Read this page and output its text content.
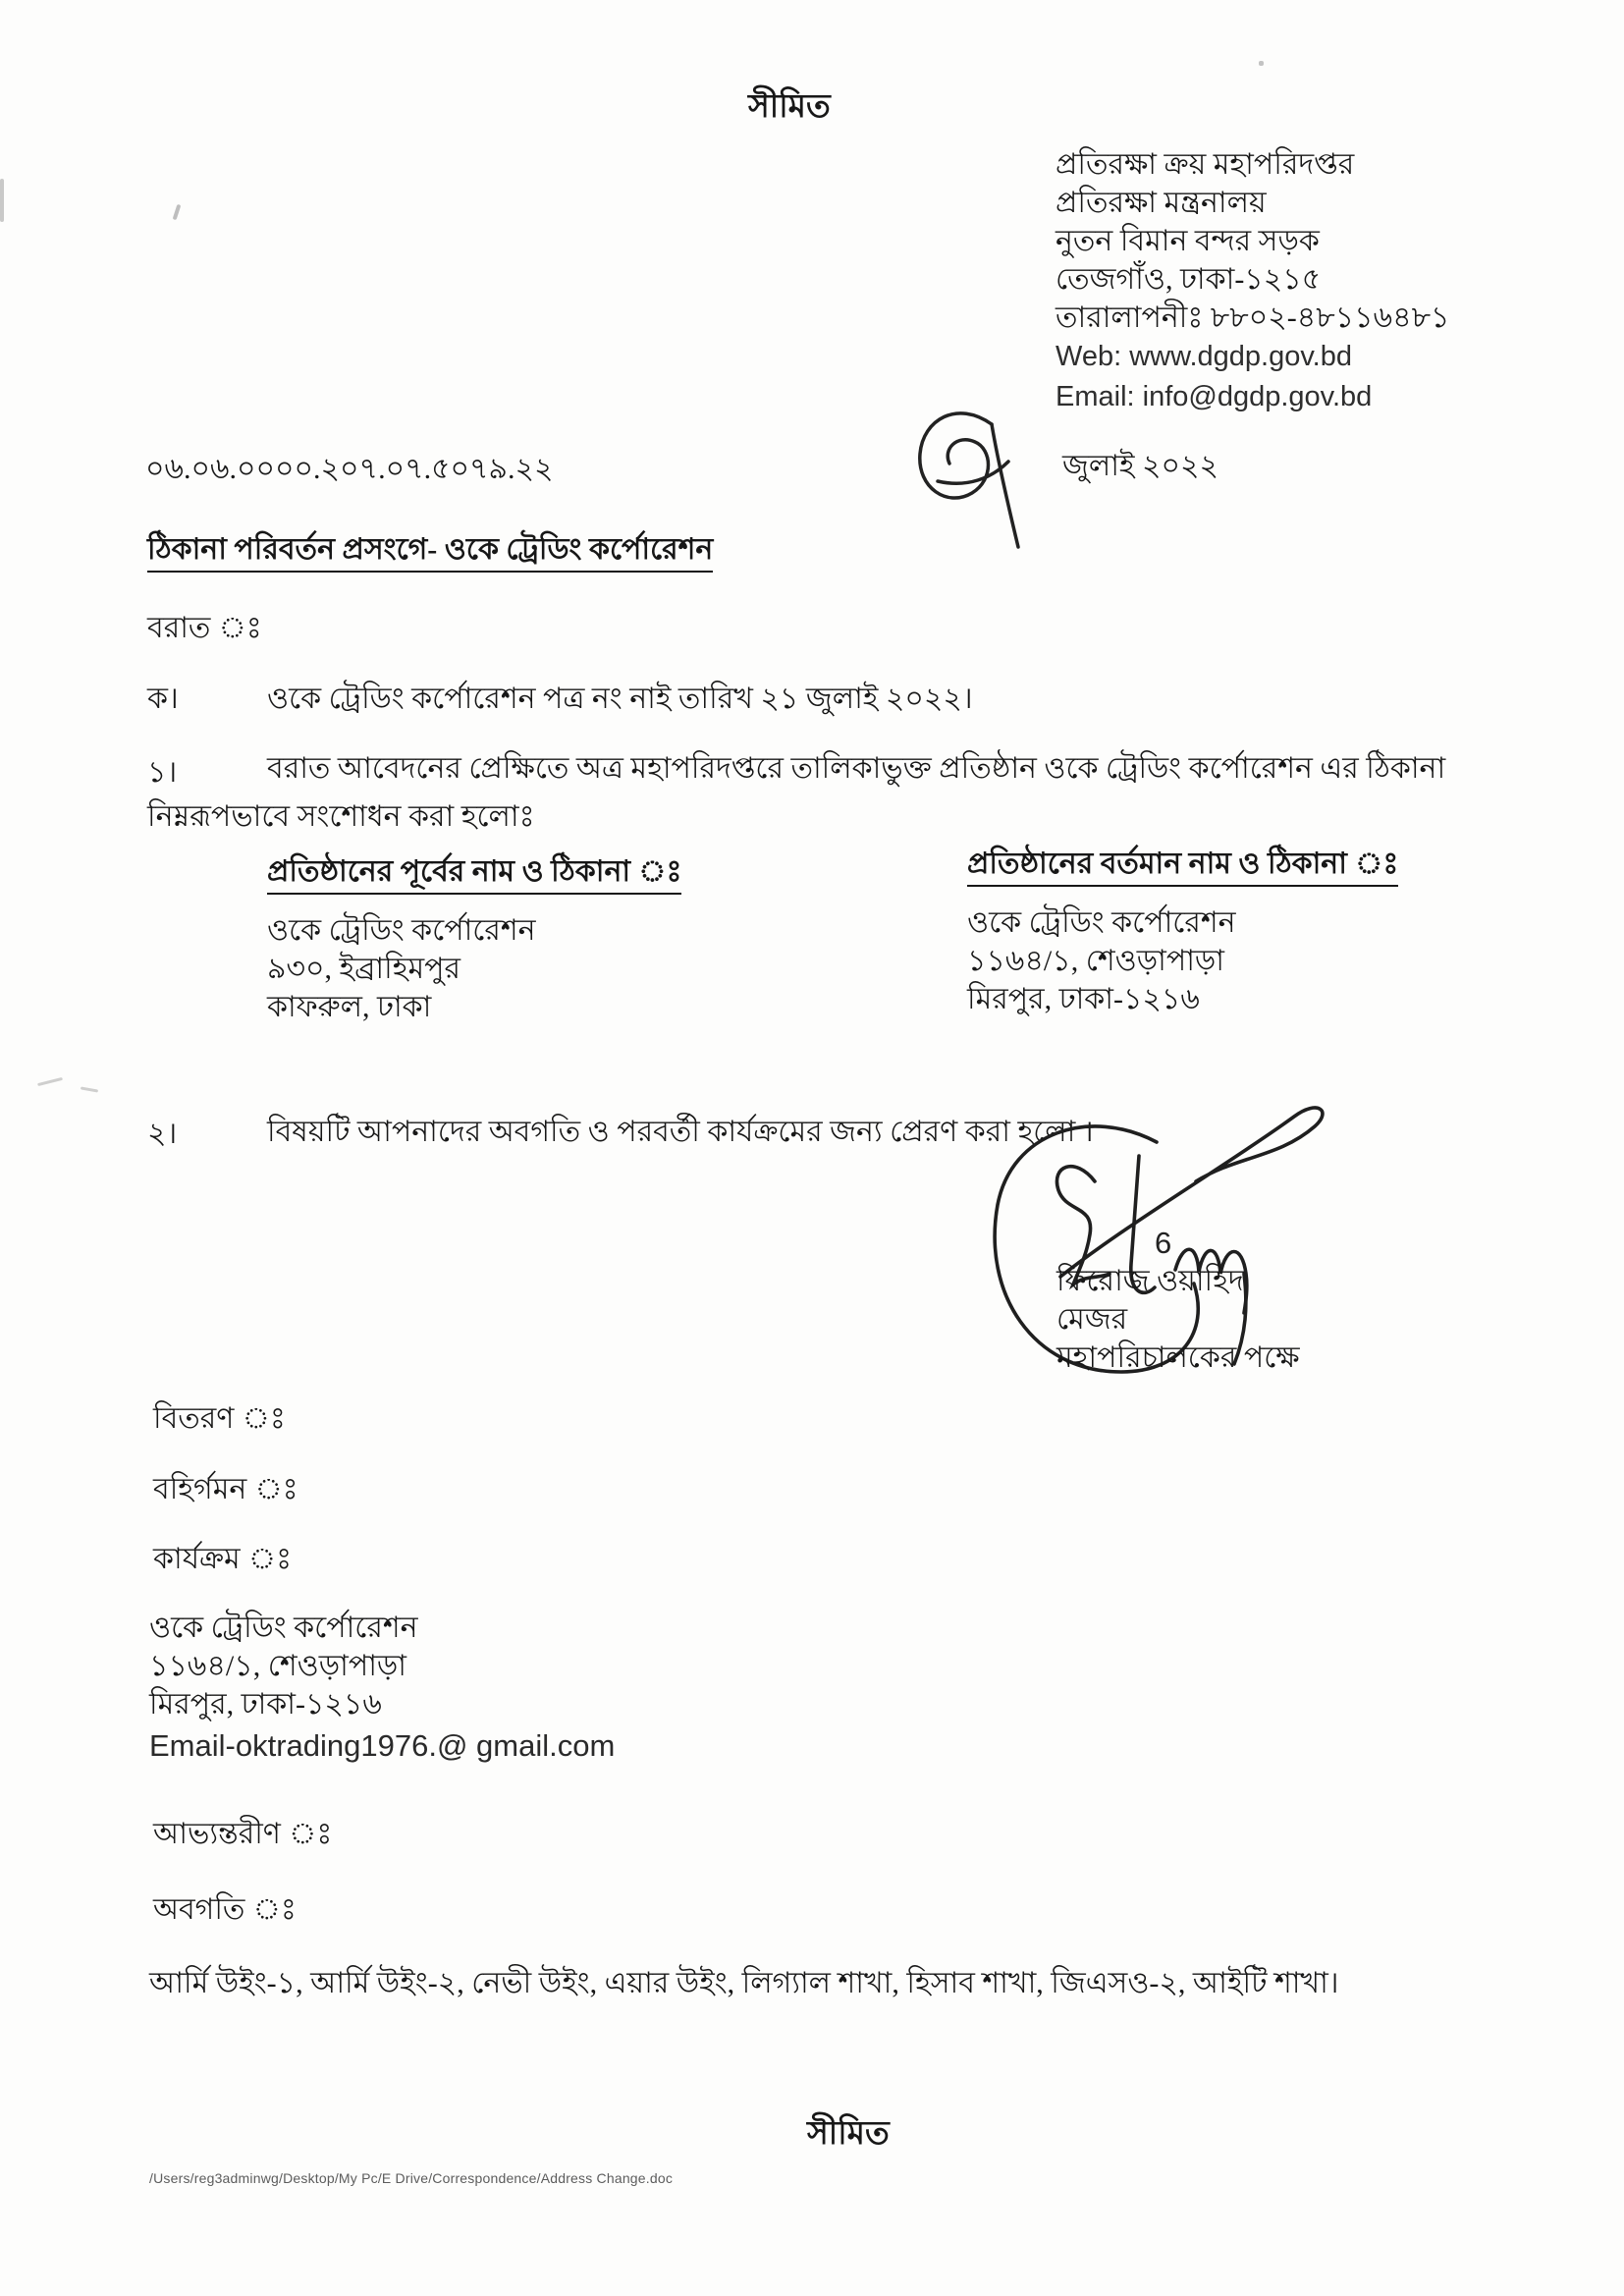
সীমিত
প্রতিরক্ষা ক্রয় মহাপরিদপ্তর
প্রতিরক্ষা মন্ত্রনালয়
নুতন বিমান বন্দর সড়ক
তেজগাঁও, ঢাকা-১২১৫
তারালাপনীঃ ৮৮০২-৪৮১১৬৪৮১
Web: www.dgdp.gov.bd
Email: info@dgdp.gov.bd
০৬.০৬.০০০০.২০৭.০৭.৫০৭৯.২২	জুলাই ২০২২
ঠিকানা পরিবর্তন প্রসংগে- ওকে ট্রেডিং কর্পোরেশন
বরাত ঃ
ক।	ওকে ট্রেডিং কর্পোরেশন পত্র নং নাই তারিখ ২১ জুলাই ২০২২।
১।	বরাত আবেদনের প্রেক্ষিতে অত্র মহাপরিদপ্তরে তালিকাভুক্ত প্রতিষ্ঠান ওকে ট্রেডিং কর্পোরেশন এর ঠিকানা
নিম্নরূপভাবে সংশোধন করা হলোঃ
প্রতিষ্ঠানের পূর্বের নাম ও ঠিকানা ঃ
ওকে ট্রেডিং কর্পোরেশন
৯৩০, ইব্রাহিমপুর
কাফরুল, ঢাকা
প্রতিষ্ঠানের বর্তমান নাম ও ঠিকানা ঃ
ওকে ট্রেডিং কর্পোরেশন
১১৬৪/১, শেওড়াপাড়া
মিরপুর, ঢাকা-১২১৬
২।	বিষয়টি আপনাদের অবগতি ও পরবর্তী কার্যক্রমের জন্য প্রেরণ করা হলো ।
6
ফিরোজ ওয়াহিদ
মেজর
মহাপরিচালকের পক্ষে
বিতরণ ঃ
বহির্গমন ঃ
কার্যক্রম ঃ
ওকে ট্রেডিং কর্পোরেশন
১১৬৪/১, শেওড়াপাড়া
মিরপুর, ঢাকা-১২১৬
Email-oktrading1976.@ gmail.com
আভ্যন্তরীণ ঃ
অবগতি ঃ
আর্মি উইং-১, আর্মি উইং-২, নেভী উইং, এয়ার উইং, লিগ্যাল শাখা, হিসাব শাখা, জিএসও-২, আইটি শাখা।
সীমিত
/Users/reg3adminwg/Desktop/My Pc/E Drive/Correspondence/Address Change.doc
